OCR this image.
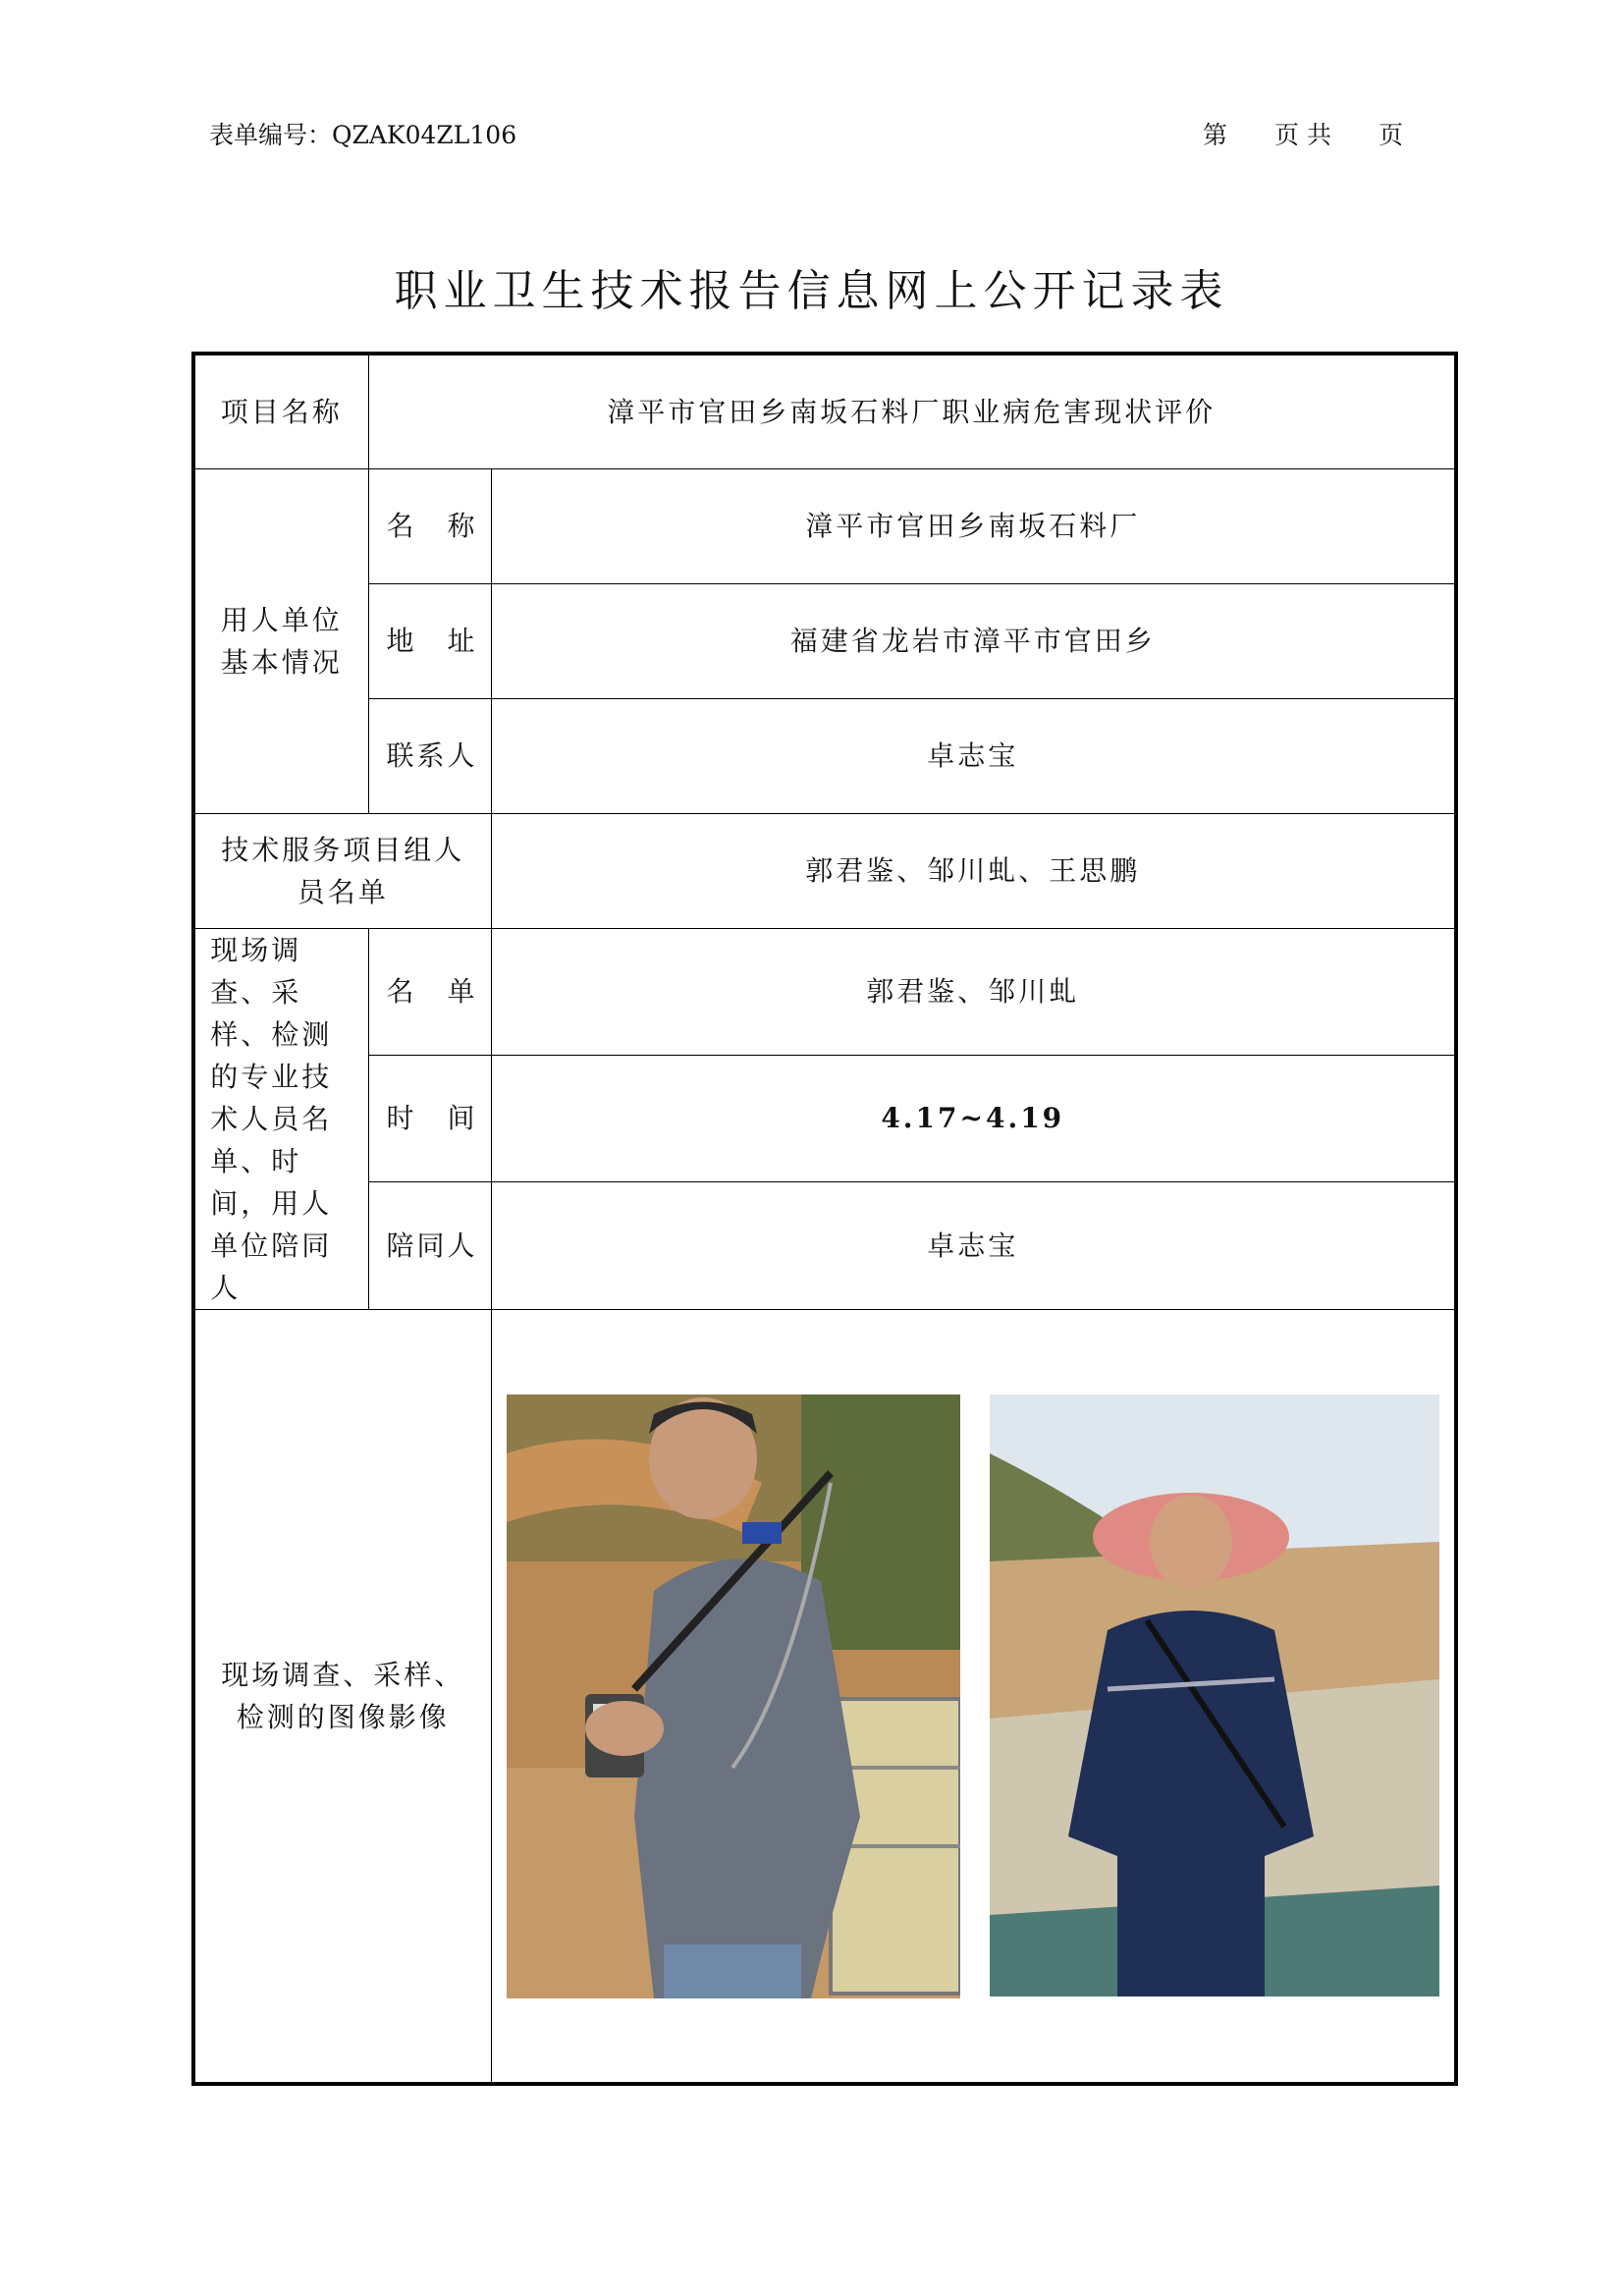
表单编号：QZAK04ZL106	第 页 共 页
职业卫生技术报告信息网上公开记录表
项目名称	漳平市官田乡南坂石料厂职业病危害现状评价	

用人单位基本情况	名　称	漳平市官田乡南坂石料厂
	地　址	福建省龙岩市漳平市官田乡
	联系人	卓志宝

技术服务项目组人员名单		郭君鉴、邹川虬、王思鹏

现场调查、采样、检测的专业技术人员名单、时间，用人单位陪同人	名　单	郭君鉴、邹川虬
	时　间	4.17~4.19
	陪同人	卓志宝

现场调查、采样、检测的图像影像
